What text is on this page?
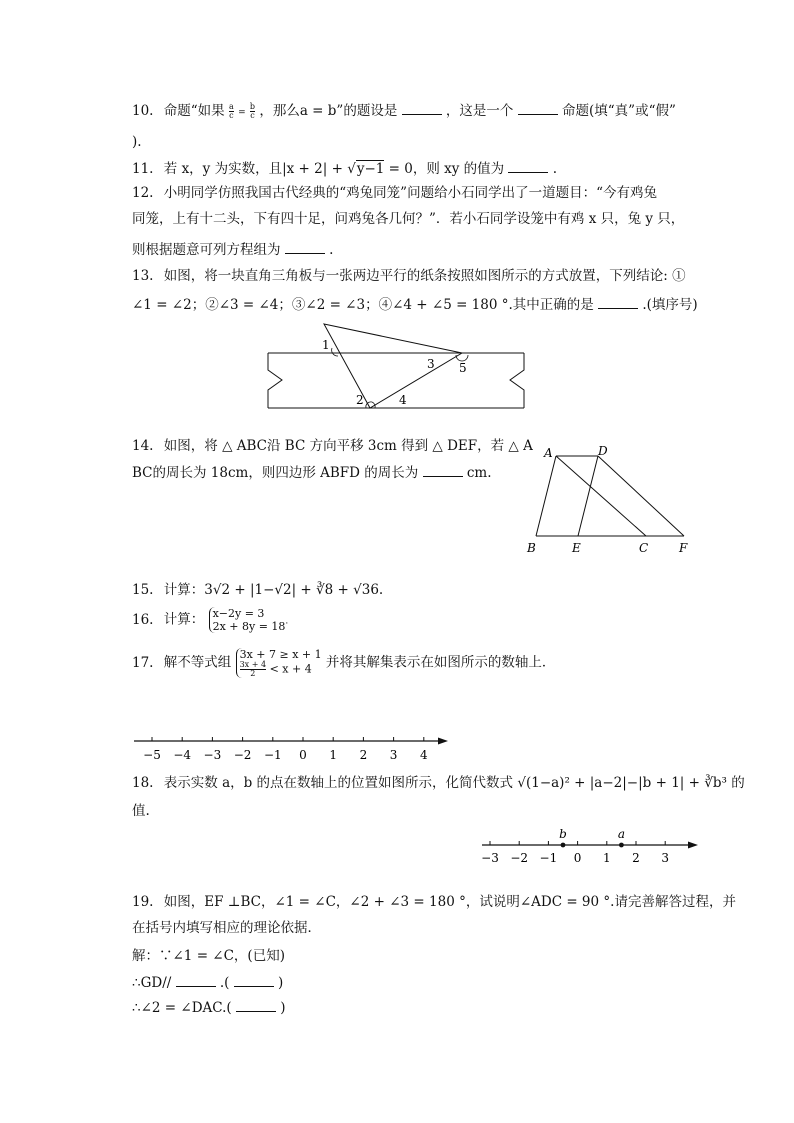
10. 命题“如果 $\frac{a}{c} = \frac{b}{c}$ ，那么a = b”的题设是	，这是一个	命题(填“真”或“假”
).
11. 若 x，y 为实数，且|x + 2| + √y−1 = 0，则 xy 的值为	.
12. 小明同学仿照我国古代经典的“鸡兔同笼”问题给小石同学出了一道题目：“今有鸡兔
同笼，上有十二头，下有四十足，问鸡兔各几何？”．若小石同学设笼中有鸡 x 只，兔 y 只，
则根据题意可列方程组为	.
13. 如图，将一块直角三角板与一张两边平行的纸条按照如图所示的方式放置，下列结论: ①
∠1 = ∠2；②∠3 = ∠4；③∠2 = ∠3；④∠4 + ∠5 = 180 °.其中正确的是	.(填序号)
1
3 5
2	4
14. 如图，将 △ ABC沿 BC 方向平移 3cm 得到 △ DEF，若 △ A
BC的周长为 18cm，则四边形 ABFD 的周长为	cm.
A	D
B	E	C	F
15. 计算：3√2 + |1−√2| + ∛8 + √36.
16. 计算： x−2y = 3
2x + 8y = 18 .
17. 解不等式组 3x + 7 ≥ x + 1
$\frac{3x + 4}{2} < x + 4$	并将其解集表示在如图所示的数轴上．
−5 −4 −3 −2 −1 0 1 2 3 4
18. 表示实数 a，b 的点在数轴上的位置如图所示，化简代数式 √(1−a)² + |a−2|−|b + 1| + ∛b³ 的
值.
−3 −2 −1 0 1 2 3
b	a
19. 如图，EF ⊥BC，∠1 = ∠C，∠2 + ∠3 = 180 °，试说明∠ADC = 90 °.请完善解答过程，并
在括号内填写相应的理论依据．
解：∵∠1 = ∠C，(已知)
∴GD//	.(	)
∴∠2 = ∠DAC.(	)
